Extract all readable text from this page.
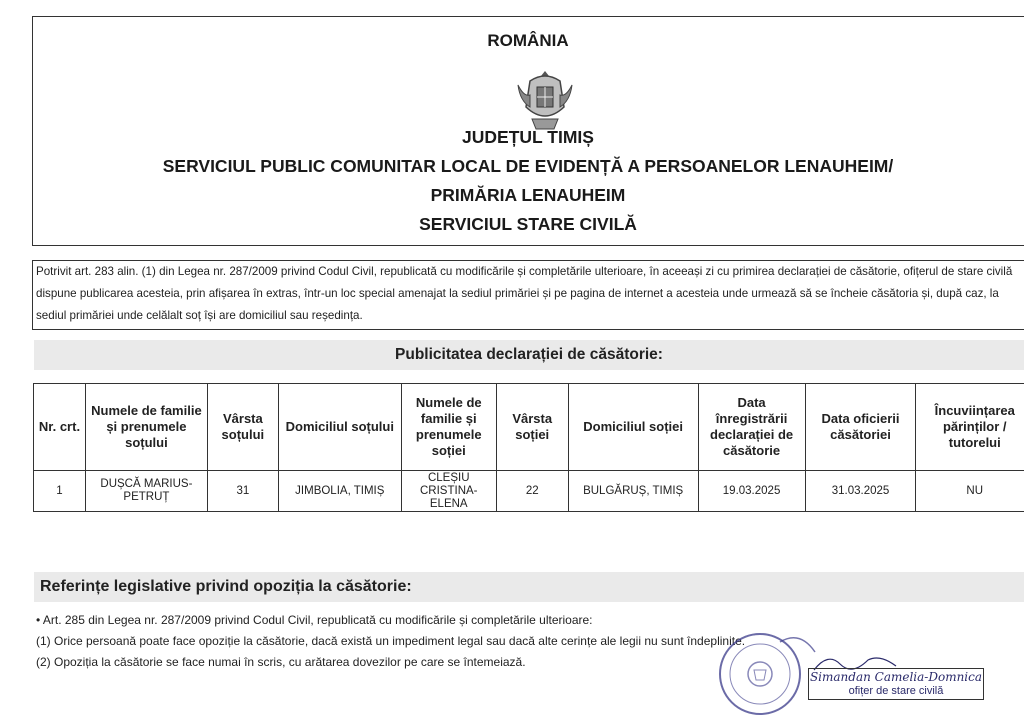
ROMÂNIA
JUDEȚUL TIMIȘ
SERVICIUL PUBLIC COMUNITAR LOCAL DE EVIDENȚĂ A PERSOANELOR LENAUHEIM/
PRIMĂRIA LENAUHEIM
SERVICIUL STARE CIVILĂ
Potrivit art. 283 alin. (1) din Legea nr. 287/2009 privind Codul Civil, republicată cu modificările și completările ulterioare, în aceeași zi cu primirea declarației de căsătorie, ofițerul de stare civilă dispune publicarea acesteia, prin afișarea în extras, într-un loc special amenajat la sediul primăriei și pe pagina de internet a acesteia unde urmează să se încheie căsătoria și, după caz, la sediul primăriei unde celălalt soț își are domiciliul sau reședința.
Publicitatea declarației de căsătorie:
Nr. crt.	Numele de familie și prenumele soțului	Vârsta soțului	Domiciliul soțului	Numele de familie și prenumele soției	Vârsta soției	Domiciliul soției	Data înregistrării declarației de căsătorie	Data oficierii căsătoriei	Încuviințarea părinților / tutorelui
1	DUȘCĂ MARIUS-PETRUȚ	31	JIMBOLIA, TIMIȘ	CLEȘIU CRISTINA-ELENA	22	BULGĂRUȘ, TIMIȘ	19.03.2025	31.03.2025	NU
Referințe legislative privind opoziția la căsătorie:
• Art. 285 din Legea nr. 287/2009 privind Codul Civil, republicată cu modificările și completările ulterioare:
(1) Orice persoană poate face opoziție la căsătorie, dacă există un impediment legal sau dacă alte cerințe ale legii nu sunt îndeplinite.
(2) Opoziția la căsătorie se face numai în scris, cu arătarea dovezilor pe care se întemeiază.
Simandan Camelia-Domnica
ofițer de stare civilă
